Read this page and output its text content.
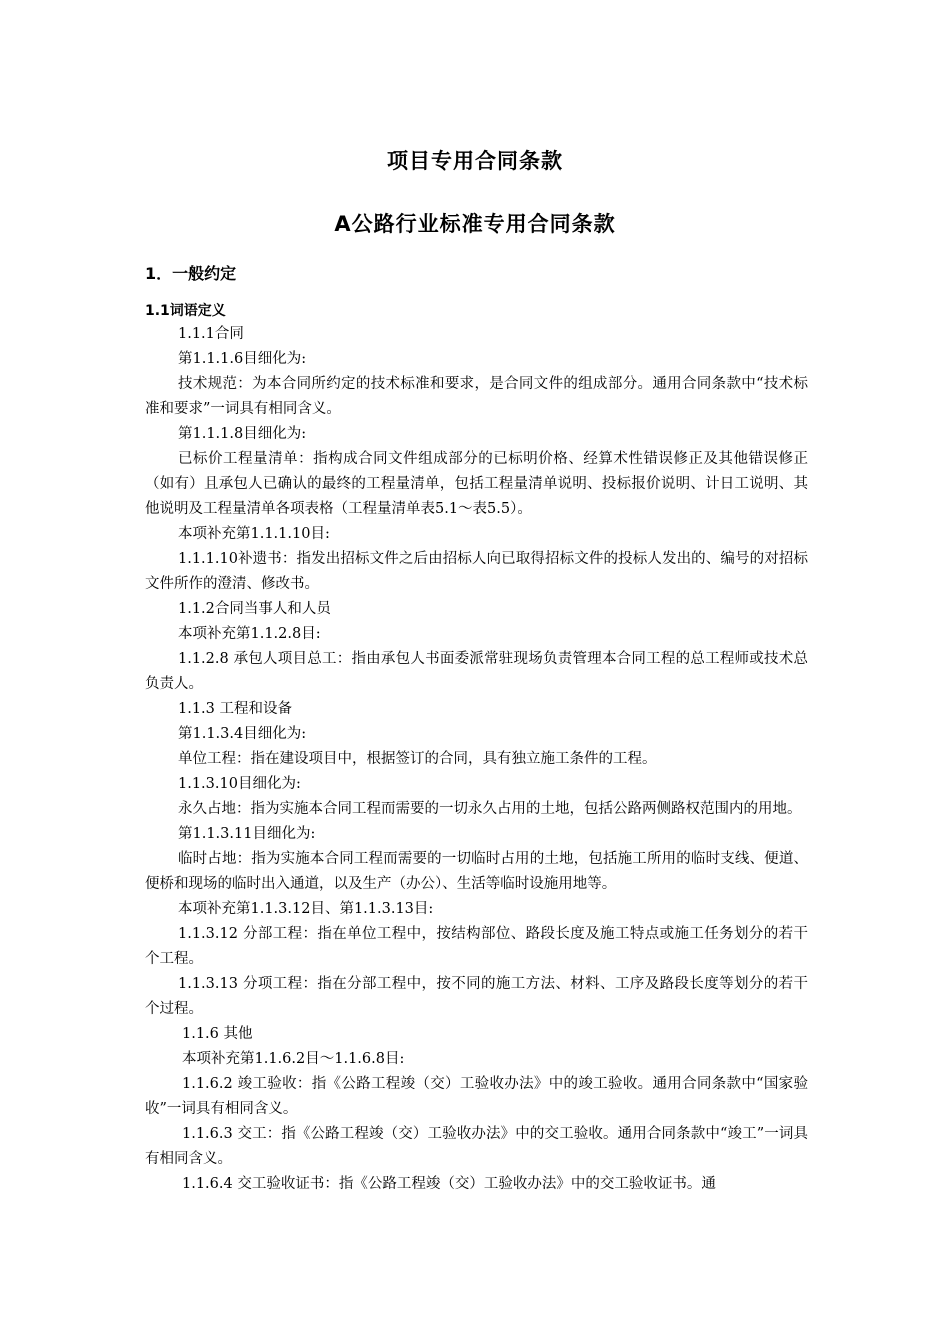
项目专用合同条款
A公路行业标准专用合同条款
1．一般约定
1.1词语定义

1.1.1合同

第1.1.1.6目细化为:

技术规范：为本合同所约定的技术标准和要求，是合同文件的组成部分。通用合同条款中“技术标准和要求”一词具有相同含义。

第1.1.1.8目细化为:

已标价工程量清单：指构成合同文件组成部分的已标明价格、经算术性错误修正及其他错误修正（如有）且承包人已确认的最终的工程量清单，包括工程量清单说明、投标报价说明、计日工说明、其他说明及工程量清单各项表格（工程量清单表5.1～表5.5）。

本项补充第1.1.1.10目:

1.1.1.10补遗书：指发出招标文件之后由招标人向已取得招标文件的投标人发出的、编号的对招标文件所作的澄清、修改书。

1.1.2合同当事人和人员

本项补充第1.1.2.8目:

1.1.2.8 承包人项目总工：指由承包人书面委派常驻现场负责管理本合同工程的总工程师或技术总负责人。

1.1.3 工程和设备

第1.1.3.4目细化为:

单位工程：指在建设项目中，根据签订的合同，具有独立施工条件的工程。

1.1.3.10目细化为:

永久占地：指为实施本合同工程而需要的一切永久占用的土地，包括公路两侧路权范围内的用地。

第1.1.3.11目细化为:

临时占地：指为实施本合同工程而需要的一切临时占用的土地，包括施工所用的临时支线、便道、便桥和现场的临时出入通道，以及生产（办公）、生活等临时设施用地等。

本项补充第1.1.3.12目、第1.1.3.13目:

1.1.3.12 分部工程：指在单位工程中，按结构部位、路段长度及施工特点或施工任务划分的若干个工程。

1.1.3.13 分项工程：指在分部工程中，按不同的施工方法、材料、工序及路段长度等划分的若干个过程。

1.1.6 其他

本项补充第1.1.6.2目～1.1.6.8目:

1.1.6.2 竣工验收：指《公路工程竣（交）工验收办法》中的竣工验收。通用合同条款中“国家验收”一词具有相同含义。

1.1.6.3 交工：指《公路工程竣（交）工验收办法》中的交工验收。通用合同条款中“竣工”一词具有相同含义。

1.1.6.4 交工验收证书：指《公路工程竣（交）工验收办法》中的交工验收证书。通
